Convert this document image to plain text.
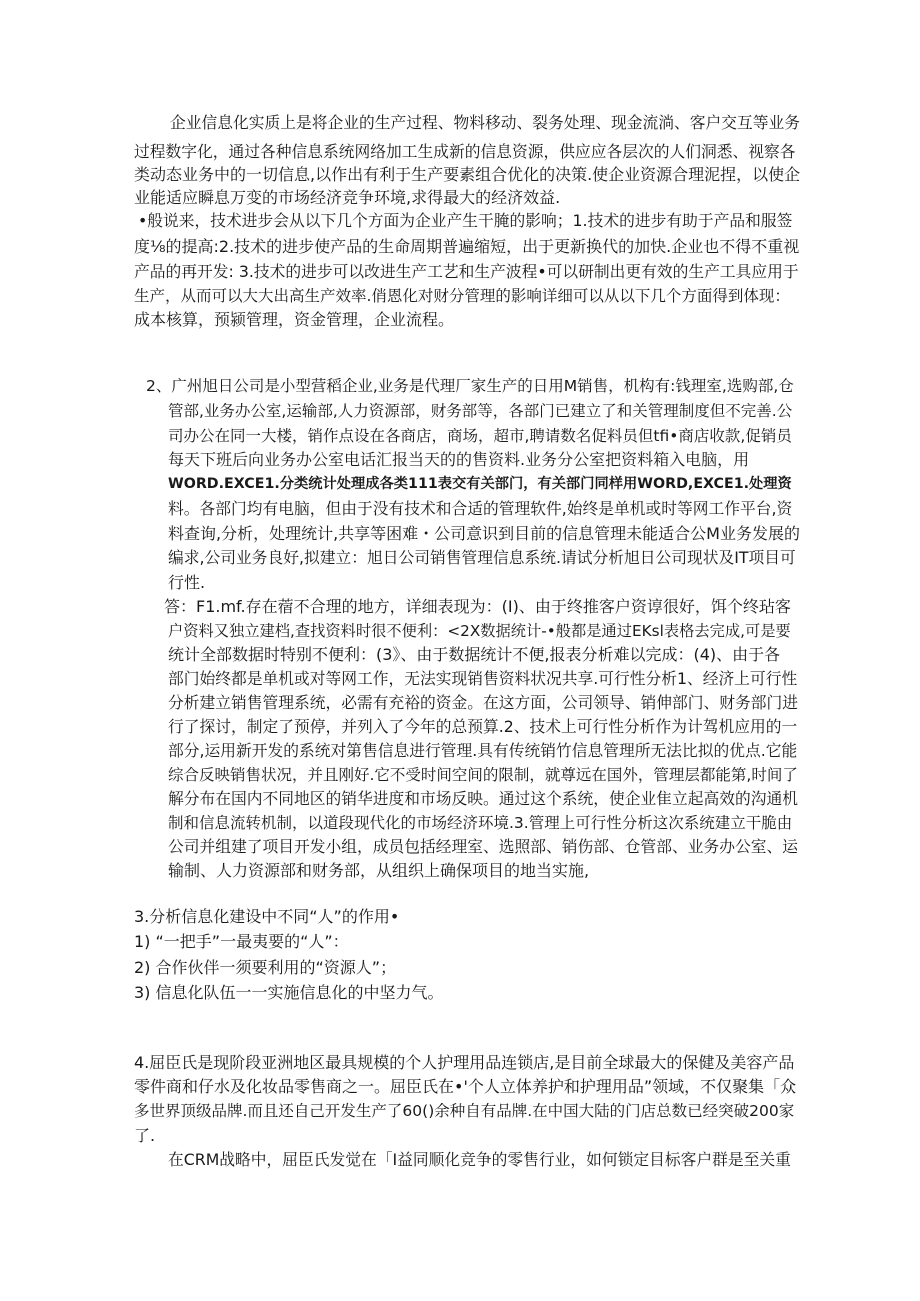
企业信息化实质上是将企业的生产过程、物料移动、裂务处理、现金流淌、客户交互等业务
过程数字化，通过各种信息系统网络加工生成新的信息资源，供应应各层次的人们洞悉、视察各
类动态业务中的一切信息,以作出有利于生产要素组合优化的决策.使企业资源合理泥捏，以使企
业能适应瞬息万变的市场经济竞争环境,求得最大的经济效益.
•般说来，技术进步会从以下几个方面为企业产生干腌的影响；1.技术的进步有助于产品和服签
度⅛的提高:2.技术的进步使产品的生命周期普遍缩短，出于更新换代的加快.企业也不得不重视
产品的再开发: 3.技术的进步可以改进生产工艺和生产波程•可以研制出更有效的生产工具应用于
生产，从而可以大大出高生产效率.俏恩化对财分管理的影响详细可以从以下几个方面得到体现：
成本核算，预颍管理，资金管理，企业流程。
2、广州旭日公司是小型营稻企业,业务是代理厂家生产的日用M销售，机构有:钱理室,选购部,仓
管部,业务办公室,运输部,人力资源部，财务部等，各部门已建立了和关管理制度但不完善.公
司办公在同一大楼，销作点设在各商店，商场，超市,聘请数名促料员但tfi•商店收款,促销员
每天下班后向业务办公室电话汇报当天的的售资料.业务分公室把资料箱入电脑，用
WORD.EXCE1.分类统计处理成各类111表交有关部门，有关部门同样用WORD,EXCE1.处理资
料。各部门均有电脑，但由于没有技术和合适的管理软件,始终是单机或时等网工作平台,资
料查询,分析，处理统计,共享等困难・公司意识到目前的信息管理未能适合公M业务发展的
编求,公司业务良好,拟建立：旭日公司销售管理信息系统.请试分析旭日公司现状及IT项目可
行性.
答：F1.mf.存在蓿不合理的地方，详细表现为：(I)、由于终推客户资谆很好，饵个终玷客
户资料又独立建档,查找资料时很不便利：<2X数据统计-•般都是通过EKsl表格去完成,可是要
统计全部数据时特别不便利：(3》、由于数据统计不便,报表分析难以完成：(4)、由于各
部门始终都是单机或对等网工作，无法实现销售资料状况共享.可行性分析1、经济上可行性
分析建立销售管理系统，必需有充裕的资金。在这方面，公司领导、销伸部门、财务部门进
行了探讨，制定了预停，并列入了今年的总预算.2、技术上可行性分析作为计驾机应用的一
部分,运用新开发的系统对第售信息进行管理.具有传统销竹信息管理所无法比拟的优点.它能
综合反映销售状况，并且刚好.它不受时间空间的限制，就尊远在国外，管理层都能第,时间了
解分布在国内不同地区的销华进度和市场反映。通过这个系统，使企业隹立起高效的沟通机
制和信息流转机制，以道段现代化的市场经济环境.3.管理上可行性分析这次系统建立干脆由
公司并组建了项目开发小组，成员包括经理室、选照部、销伤部、仓管部、业务办公室、运
输制、人力资源部和财务部，从组织上确保项目的地当实施,
3.分析信息化建设中不同“人”的作用•
1) “一把手”一最夷要的“人”：
2) 合作伙伴一须要利用的“资源人”；
3) 信息化队伍一一实施信息化的中坚力气。
4.屈臣氏是现阶段亚洲地区最具规模的个人护理用品连锁店,是目前全球最大的保健及美容产品
零件商和仔水及化妆品零售商之一。屈臣氏在•'个人立体养护和护理用品”领域，不仅聚集「众
多世界顶级品牌.而且还自己开发生产了60()余种自有品牌.在中国大陆的门店总数已经突破200家
了.
在CRM战略中，屈臣氏发觉在「I益同顺化竞争的零售行业，如何锁定目标客户群是至关重
